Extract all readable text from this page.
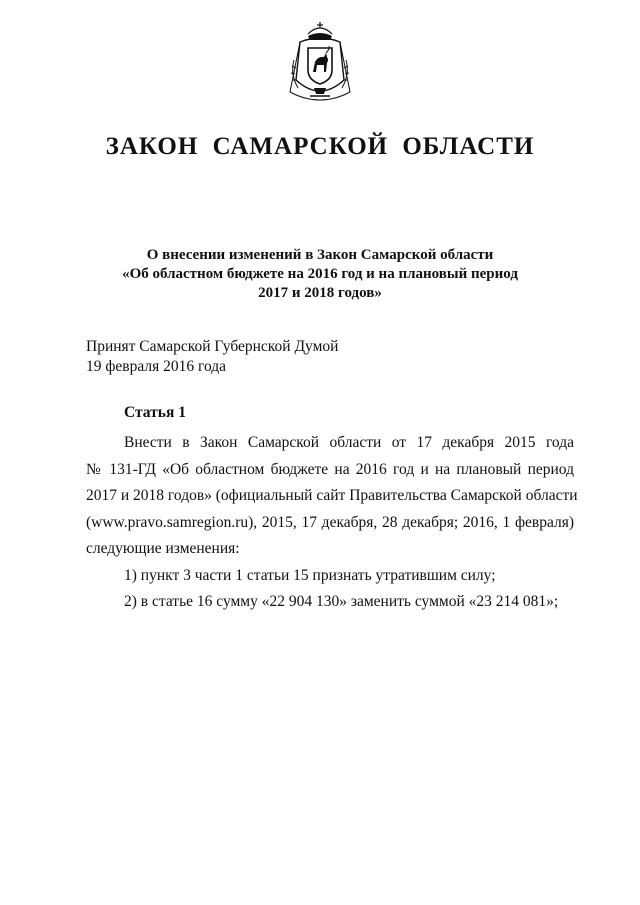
ЗАКОН САМАРСКОЙ ОБЛАСТИ
О внесении изменений в Закон Самарской области
«Об областном бюджете на 2016 год и на плановый период
2017 и 2018 годов»
Принят Самарской Губернской Думой
19 февраля 2016 года
Статья 1
Внести в Закон Самарской области от 17 декабря 2015 года
№ 131-ГД «Об областном бюджете на 2016 год и на плановый период
2017 и 2018 годов» (официальный сайт Правительства Самарской области
(www.pravo.samregion.ru), 2015, 17 декабря, 28 декабря; 2016, 1 февраля)
следующие изменения:
1) пункт 3 части 1 статьи 15 признать утратившим силу;
2) в статье 16 сумму «22 904 130» заменить суммой «23 214 081»;
